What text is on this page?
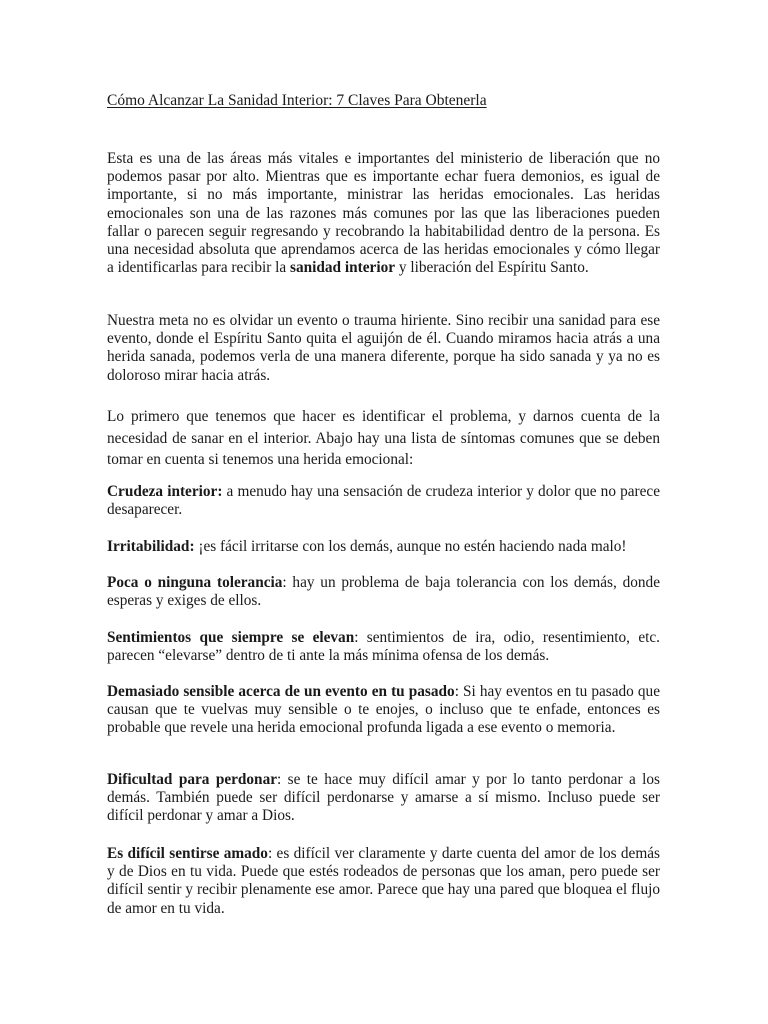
Cómo Alcanzar La Sanidad Interior: 7 Claves Para Obtenerla

Esta es una de las áreas más vitales e importantes del ministerio de liberación que no podemos pasar por alto. Mientras que es importante echar fuera demonios, es igual de importante, si no más importante, ministrar las heridas emocionales. Las heridas emocionales son una de las razones más comunes por las que las liberaciones pueden fallar o parecen seguir regresando y recobrando la habitabilidad dentro de la persona. Es una necesidad absoluta que aprendamos acerca de las heridas emocionales y cómo llegar a identificarlas para recibir la sanidad interior y liberación del Espíritu Santo.

Nuestra meta no es olvidar un evento o trauma hiriente. Sino recibir una sanidad para ese evento, donde el Espíritu Santo quita el aguijón de él. Cuando miramos hacia atrás a una herida sanada, podemos verla de una manera diferente, porque ha sido sanada y ya no es doloroso mirar hacia atrás.

Lo primero que tenemos que hacer es identificar el problema, y darnos cuenta de la necesidad de sanar en el interior. Abajo hay una lista de síntomas comunes que se deben tomar en cuenta si tenemos una herida emocional:

Crudeza interior: a menudo hay una sensación de crudeza interior y dolor que no parece desaparecer.

Irritabilidad: ¡es fácil irritarse con los demás, aunque no estén haciendo nada malo!

Poca o ninguna tolerancia: hay un problema de baja tolerancia con los demás, donde esperas y exiges de ellos.

Sentimientos que siempre se elevan: sentimientos de ira, odio, resentimiento, etc. parecen “elevarse” dentro de ti ante la más mínima ofensa de los demás.

Demasiado sensible acerca de un evento en tu pasado: Si hay eventos en tu pasado que causan que te vuelvas muy sensible o te enojes, o incluso que te enfade, entonces es probable que revele una herida emocional profunda ligada a ese evento o memoria.

Dificultad para perdonar: se te hace muy difícil amar y por lo tanto perdonar a los demás. También puede ser difícil perdonarse y amarse a sí mismo. Incluso puede ser difícil perdonar y amar a Dios.

Es difícil sentirse amado: es difícil ver claramente y darte cuenta del amor de los demás y de Dios en tu vida. Puede que estés rodeados de personas que los aman, pero puede ser difícil sentir y recibir plenamente ese amor. Parece que hay una pared que bloquea el flujo de amor en tu vida.
